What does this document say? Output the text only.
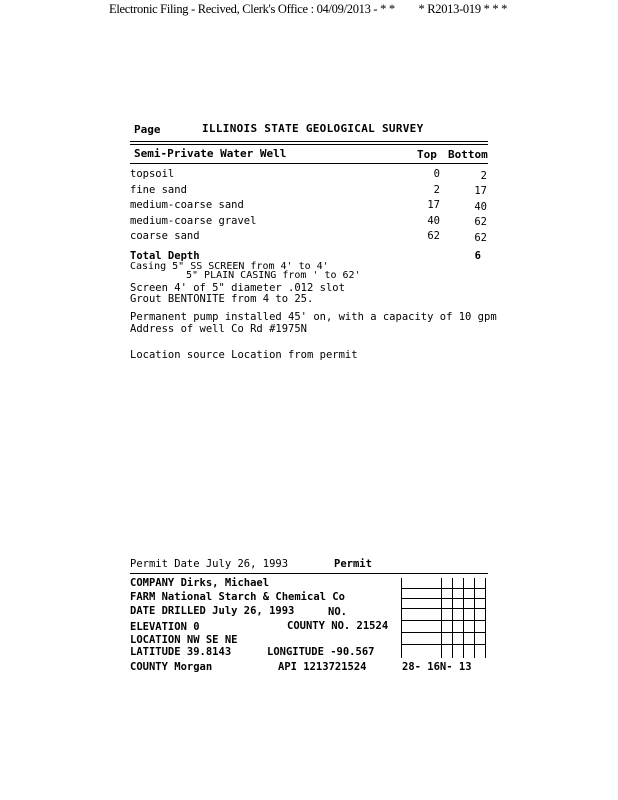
Electronic Filing - Recived, Clerk's Office : 04/09/2013 - * * * R2013-019 * * *
Page	ILLINOIS STATE GEOLOGICAL SURVEY
Semi-Private Water Well	Top Bottom
topsoil	0	2
fine sand	2	17
medium-coarse sand	17	40
medium-coarse gravel	40	62
coarse sand	62	62
Total Depth	6
Casing 5" SS SCREEN from 4' to 4'
5" PLAIN CASING from ' to 62'
Screen 4' of 5" diameter .012 slot
Grout BENTONITE from 4 to 25.
Permanent pump installed 45' on, with a capacity of 10 gpm
Address of well Co Rd #1975N
Location source Location from permit
Permit Date July 26, 1993	Permit
COMPANY Dirks, Michael
FARM National Starch & Chemical Co
DATE DRILLED July 26, 1993	NO.
ELEVATION 0	COUNTY NO. 21524
LOCATION NW SE NE
LATITUDE 39.8143	LONGITUDE -90.567
COUNTY Morgan	API 1213721524	28- 16N- 13
